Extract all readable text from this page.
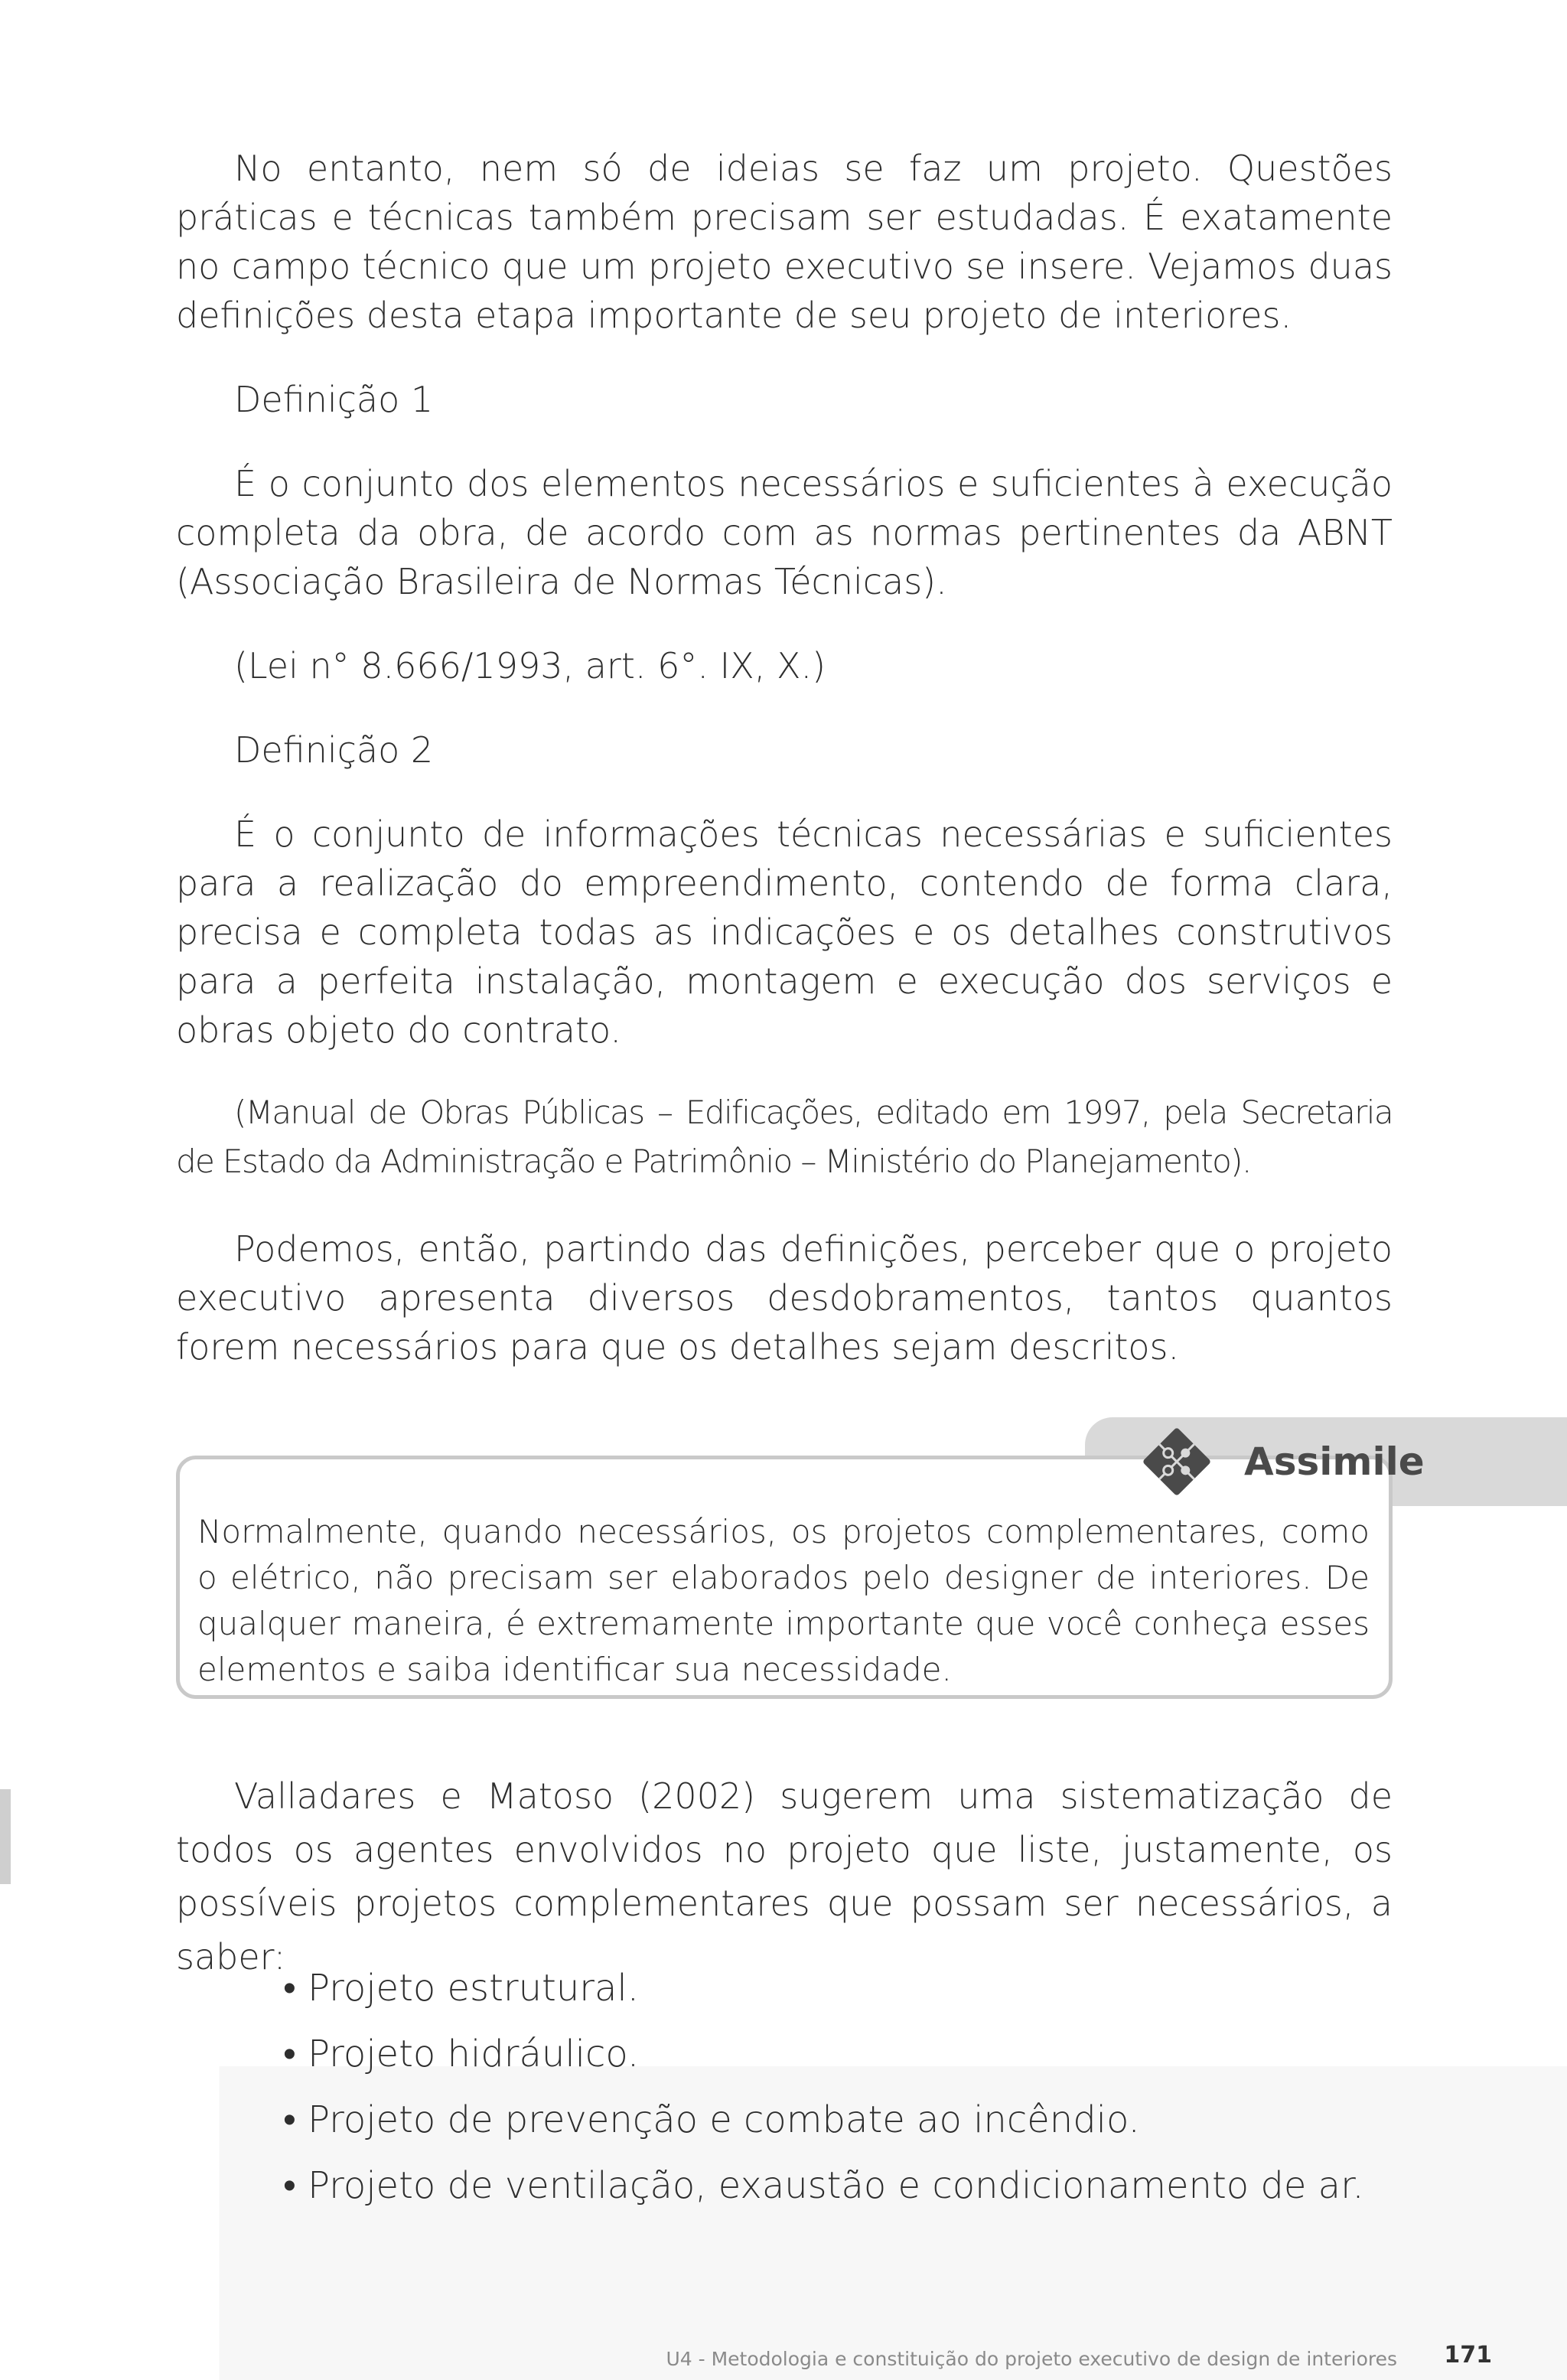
No entanto, nem só de ideias se faz um projeto. Questões práticas e técnicas também precisam ser estudadas. É exatamente no campo técnico que um projeto executivo se insere. Vejamos duas definições desta etapa importante de seu projeto de interiores.

Definição 1

É o conjunto dos elementos necessários e suficientes à execução completa da obra, de acordo com as normas pertinentes da ABNT (Associação Brasileira de Normas Técnicas).

(Lei n° 8.666/1993, art. 6°. IX, X.)

Definição 2

É o conjunto de informações técnicas necessárias e suficientes para a realização do empreendimento, contendo de forma clara, precisa e completa todas as indicações e os detalhes construtivos para a perfeita instalação, montagem e execução dos serviços e obras objeto do contrato.

(Manual de Obras Públicas – Edificações, editado em 1997, pela Secretaria de Estado da Administração e Patrimônio – Ministério do Planejamento).

Podemos, então, partindo das definições, perceber que o projeto executivo apresenta diversos desdobramentos, tantos quantos forem necessários para que os detalhes sejam descritos.

Assimile

Normalmente, quando necessários, os projetos complementares, como o elétrico, não precisam ser elaborados pelo designer de interiores. De qualquer maneira, é extremamente importante que você conheça esses elementos e saiba identificar sua necessidade.

Valladares e Matoso (2002) sugerem uma sistematização de todos os agentes envolvidos no projeto que liste, justamente, os possíveis projetos complementares que possam ser necessários, a saber:

• Projeto estrutural.
• Projeto hidráulico.
• Projeto de prevenção e combate ao incêndio.
• Projeto de ventilação, exaustão e condicionamento de ar.
U4 - Metodologia e constituição do projeto executivo de design de interiores 171
